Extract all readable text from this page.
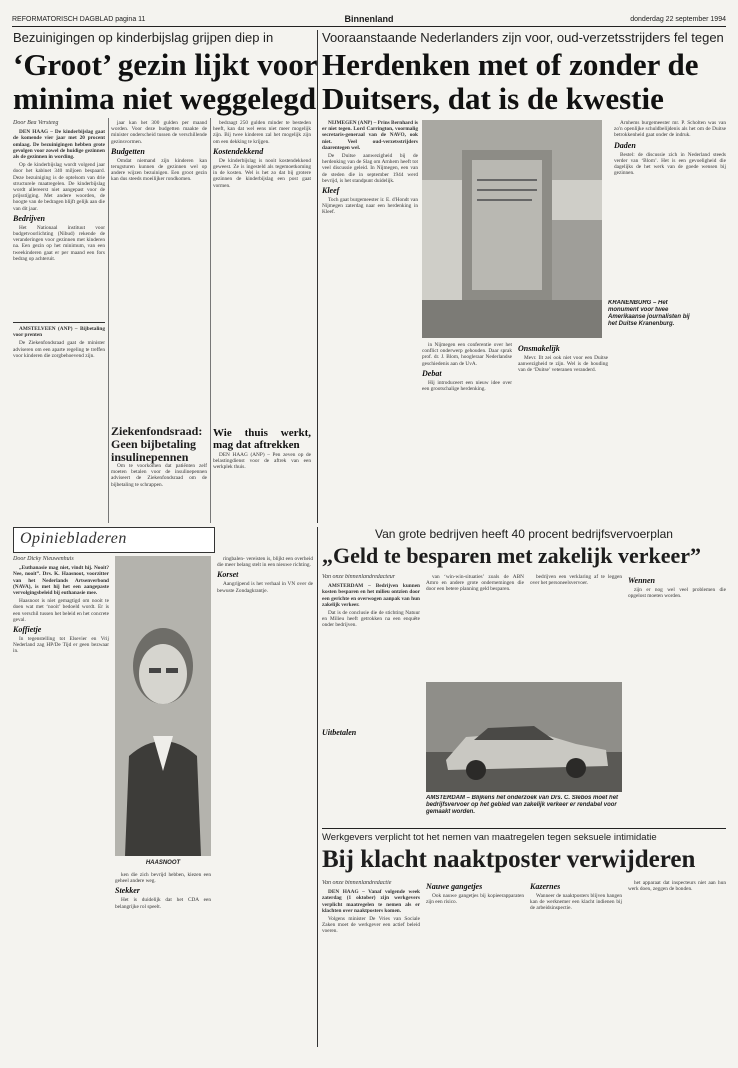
REFORMATORISCH DAGBLAD pagina 11	Binnenland	donderdag 22 september 1994
Bezuinigingen op kinderbijslag grijpen diep in
‘Groot’ gezin lijkt voor
minima niet weggelegd
Door Bea Versteeg

DEN HAAG – De kinderbijslag gaat de komende vier jaar met 20 procent omlaag. De bezuinigingen hebben grote gevolgen voor zowel de huidige gezinnen als de gezinnen in wording.

Op de kinderbijslag wordt volgend jaar door het kabinet 340 miljoen bespaard. Deze bezuiniging is de optelsom van drie structurele maatregelen. De kinderbijslag wordt allereerst niet aangepast voor de prijsstijging. Met andere woorden, de hoogte van de bedragen blijft gelijk aan die van dit jaar.

Bedrijven

Het Nationaal instituut voor budgetvoorlichting (Nibud) rekende de veranderingen voor gezinnen met kinderen na. Een gezin op het minimum, van een tweekinderen gaat er per maand een fors bedrag op achteruit.

AMSTELVEEN (ANP) – Bijbetaling voor prenten

De Ziekenfondsraad gaat de minister adviseren om een aparte regeling te treffen voor kinderen die zorgbehoevend zijn.

jaar kan het 300 gulden per maand worden. Voor deze budgetten maakte de minister onderscheid tussen de verschillende gezinsvormen.

Budgetten

Omdat niemand zijn kinderen kan terugsturen kunnen de gezinnen wel op andere wijzen bezuinigen. Een groot gezin kan dus steeds moeilijker rondkomen.

bedraagt 250 gulden minder te besteden heeft, kan dat wel eens niet meer mogelijk zijn. Bij twee kinderen zal het mogelijk zijn om een dekking te krijgen.

Kostendekkend

De kinderbijslag is nooit kostendekkend geweest. Ze is ingesteld als tegemoetkoming in de kosten. Wel is het zo dat bij grotere gezinnen de kinderbijslag een post gaat vormen.

Ziekenfondsraad: Geen bijbetaling insulinepennen

Om te voorkomen dat patiënten zelf moeten betalen voor de insulinepennen adviseert de Ziekenfondsraad om de bijbetaling te schrappen.

Wie thuis werkt, mag dat aftrekken

DEN HAAG (ANP) – Pen zeven op de belastingdienst voor de aftrek van een werkplek thuis.

Vooraanstaande Nederlanders zijn voor, oud-verzetsstrijders fel tegen
Herdenken met of zonder de
Duitsers, dat is de kwestie

NIJMEGEN (ANP) – Prins Bernhard is er niet tegen. Lord Carrington, voormalig secretaris-generaal van de NAVO, ook niet. Veel oud-verzetsstrijders daarentegen wel.

De Duitse aanwezigheid bij de herdenking van de Slag om Arnhem heeft tot veel discussie geleid. In Nijmegen, een van de steden die in september 1944 werd bevrijd, is het standpunt duidelijk.

Kleef

Toch gaat burgemeester ir. E. d'Hondt van Nijmegen zaterdag naar een herdenking in Kleef.

KRANENBURG – Het monument voor twee Amerikaanse journalisten bij het Duitse Kranenburg.

in Nijmegen een conferentie over het conflict onderwerp gehouden. Daar sprak prof. dr. J. Blom, hoogleraar Nederlandse geschiedenis aan de UvA.

Debat

Hij introduceert een nieuw idee over een grootschalige herdenking.

Onsmakelijk

Mevr. Ilt zei ook niet voor een Duitse aanwezigheid te zijn. Wel is de houding van de ‘Duitse’ veteranen veranderd.

Arnhems burgemeester mr. P. Scholten was van zo'n openlijke schuldbelijdenis als het om de Duitse betrokkenheid gaat onder de indruk.

Daden

Bestel: de discussie zich in Nederland steeds verder van ‘Blom’. Het is een gevoeligheid die dagelijks de het werk van de goede wensen bij gezinnen.

Opiniebladeren
Door Dicky Nieuwenhuis

„Euthanasie mag niet, vindt hij. Nooit? Nee, nooit”. Drs. K. Haasnoot, voorzitter van het Nederlands Artsenverbond (NAVA), is met hij het een aangepaste vervolgingsbeleid bij euthanasie mee.

Haasnoot is niet gemagtigd om nooit te doen wat met ‘nooit’ bedoeld wordt. Er is een verschil tussen het beleid en het concrete geval.

Koffietje

In tegenstelling tot Elsevier en Vrij Nederland zag HP/De Tijd er geen bezwaar in.

HAASNOOT

ken die zich bevrijd hebben, kiezen een geheel andere weg.

Stekker

Het is duidelijk dat het CDA een belangrijke rol speelt.

ringbalen- vereisten is, blijkt een overheid die meer belang stelt in een nieuwe richting.

Korset

Aangrijpend is het verhaal in VN over de bewuste Zondagkrantje.

Van grote bedrijven heeft 40 procent bedrijfsvervoerplan
„Geld te besparen met zakelijk verkeer”
Van onze binnenlandredacteur

AMSTERDAM – Bedrijven kunnen kosten besparen en het milieu ontzien door een gerichte en overwogen aanpak van hun zakelijk verkeer.

Dat is de conclusie die de stichting Natuur en Milieu heeft getrokken na een enquête onder bedrijven.

van ‘win-win-situaties’ zoals de ABN Amro en andere grote ondernemingen die door een betere planning geld besparen.

bedrijven een verklaring af te leggen over het personeelsvervoer.	Wennen

zijn er nog wel veel problemen die opgelost moeten worden.

AMSTERDAM – Blijkens het onderzoek van Drs. C. Slebos moet het bedrijfsvervoer op het gebied van zakelijk verkeer er rendabel voor gemaakt worden.
Uitbetalen
Werkgevers verplicht tot het nemen van maatregelen tegen seksuele intimidatie
Bij klacht naaktposter verwijderen
Van onze binnenlandredactie

DEN HAAG – Vanaf volgende week zaterdag (1 oktober) zijn werkgevers verplicht maatregelen te nemen als er klachten over naaktposters komen.

Volgens minister De Vries van Sociale Zaken moet de werkgever een actief beleid voeren.

Nauwe gangetjes

Ook nauwe gangetjes bij kopieerapparaten zijn een risico.

Kazernes

Wanneer de naaktposters blijven hangen kan de werknemer een klacht indienen bij de arbeidsinspectie.

het apparaat dat inspecteurs niet aan hun werk doen, zeggen de bonden.
